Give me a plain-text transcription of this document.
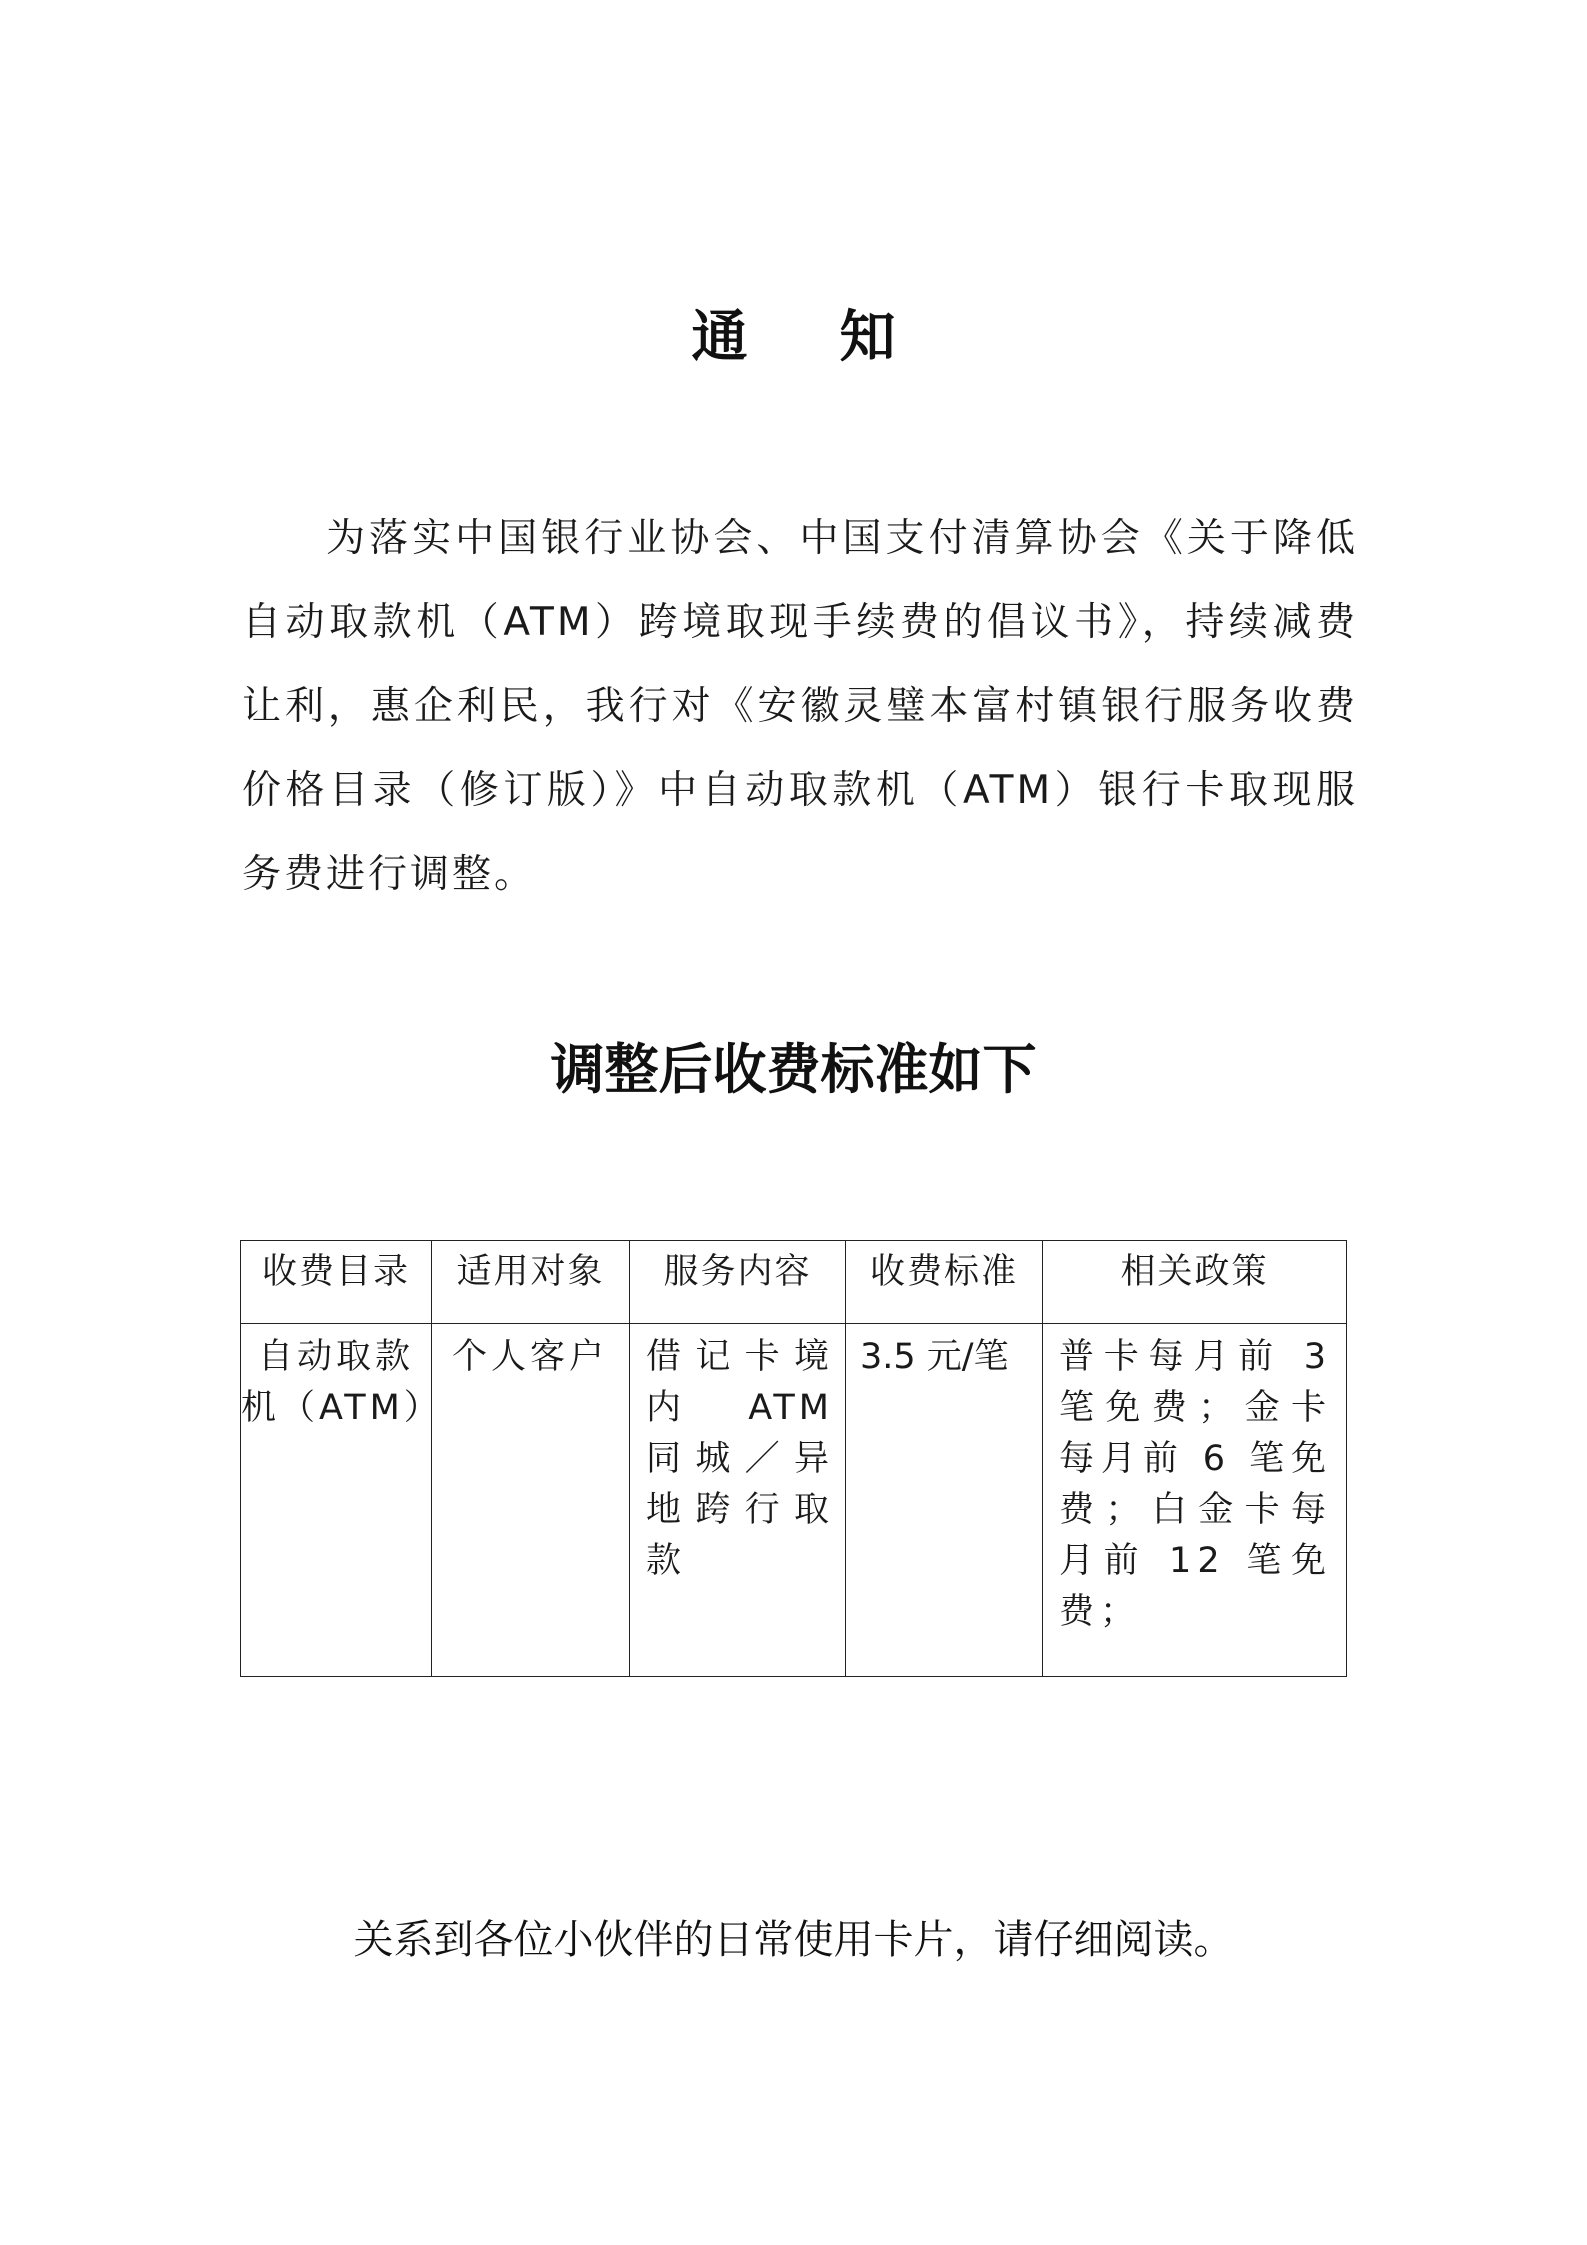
通 知

为落实中国银行业协会、中国支付清算协会《关于降低自动取款机（ATM）跨境取现手续费的倡议书》，持续减费让利，惠企利民，我行对《安徽灵璧本富村镇银行服务收费价格目录（修订版）》中自动取款机（ATM）银行卡取现服务费进行调整。

调整后收费标准如下
收费目录	适用对象	服务内容	收费标准	相关政策
自动取款机（ATM）	个人客户	借记卡境内 ATM 同城／异地跨行取款	3.5 元/笔	普卡每月前 3 笔免费；金卡每月前 6 笔免费；白金卡每月前 12 笔免费；

关系到各位小伙伴的日常使用卡片，请仔细阅读。
